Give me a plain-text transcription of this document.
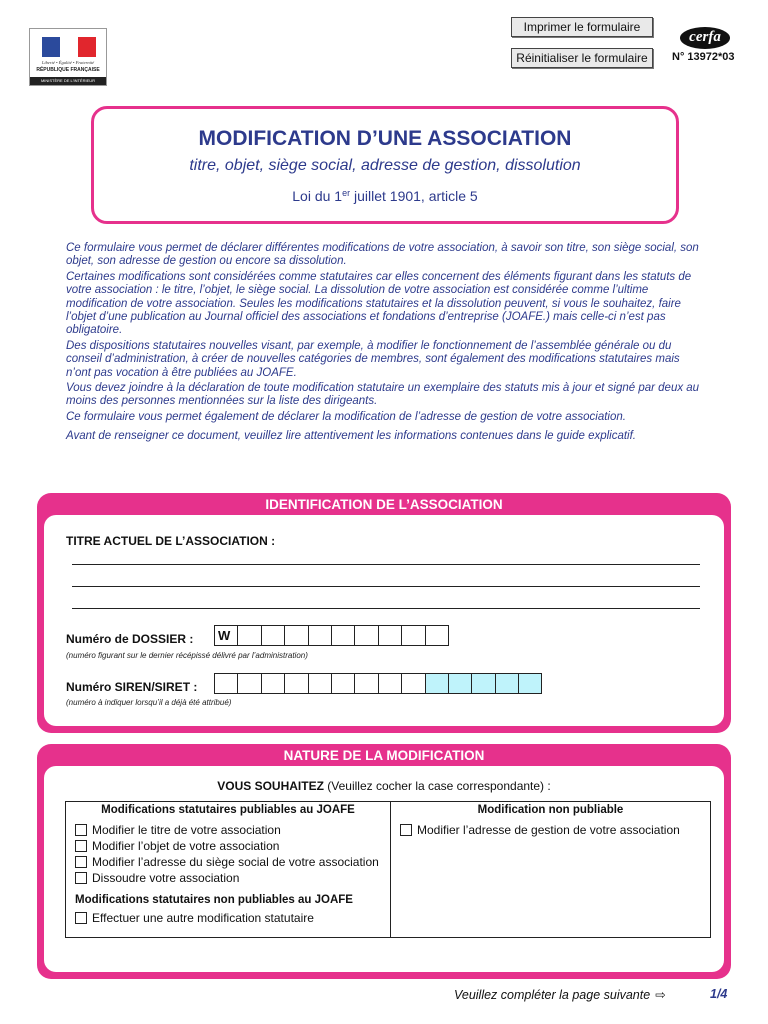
Liberté • Égalité • Fraternité
RÉPUBLIQUE FRANÇAISE
MINISTÈRE DE L'INTÉRIEUR
Imprimer le formulaire
Réinitialiser le formulaire
cerfa
N° 13972*03
MODIFICATION D’UNE ASSOCIATION
titre, objet, siège social, adresse de gestion, dissolution
Loi du 1er juillet 1901, article 5

Ce formulaire vous permet de déclarer différentes modifications de votre association, à savoir son titre, son siège social, son objet, son adresse de gestion ou encore sa dissolution.

Certaines modifications sont considérées comme statutaires car elles concernent des éléments figurant dans les statuts de votre association : le titre, l’objet, le siège social. La dissolution de votre association est considérée comme l’ultime modification de votre association. Seules les modifications statutaires et la dissolution peuvent, si vous le souhaitez, faire l’objet d’une publication au Journal officiel des associations et fondations d’entreprise (JOAFE.) mais celle-ci n’est pas obligatoire.

Des dispositions statutaires nouvelles visant, par exemple, à modifier le fonctionnement de l’assemblée générale ou du conseil d’administration, à créer de nouvelles catégories de membres, sont également des modifications statutaires mais n’ont pas vocation à être publiées au JOAFE.

Vous devez joindre à la déclaration de toute modification statutaire un exemplaire des statuts mis à jour et signé par deux au moins des personnes mentionnées sur la liste des dirigeants.

Ce formulaire vous permet également de déclarer la modification de l’adresse de gestion de votre association.

Avant de renseigner ce document, veuillez lire attentivement les informations contenues dans le guide explicatif.

IDENTIFICATION DE L’ASSOCIATION
TITRE ACTUEL DE L’ASSOCIATION :
Numéro de DOSSIER : W
(numéro figurant sur le dernier récépissé délivré par l’administration)
Numéro SIREN/SIRET :
(numéro à indiquer lorsqu’il a déjà été attribué)
NATURE DE LA MODIFICATION
VOUS SOUHAITEZ (Veuillez cocher la case correspondante) :
Modifications statutaires publiables au JOAFE
Modifier le titre de votre association
Modifier l’objet de votre association
Modifier l’adresse du siège social de votre association
Dissoudre votre association
Modifications statutaires non publiables au JOAFE
Effectuer une autre modification statutaire
Modification non publiable
Modifier l’adresse de gestion de votre association
Veuillez compléter la page suivante ⇨	1/4
